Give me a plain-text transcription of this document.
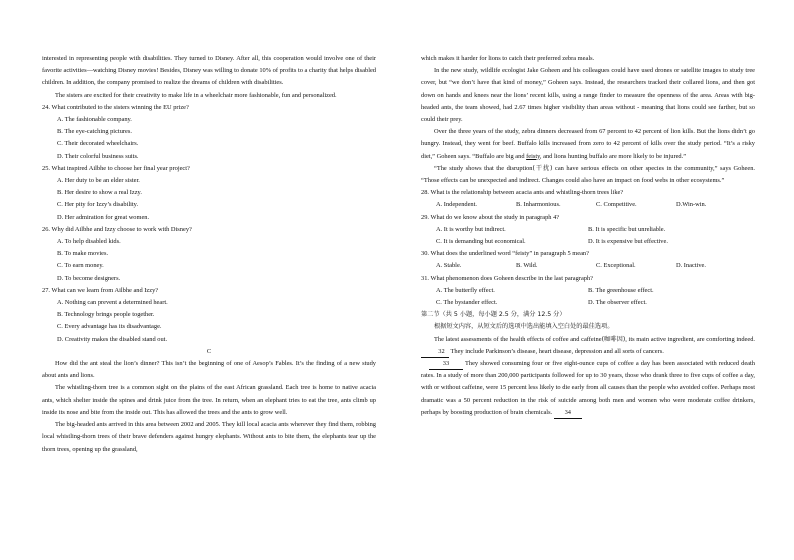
interested in representing people with disabilities. They turned to Disney. After all, this cooperation would involve one of their favorite activities—watching Disney movies! Besides, Disney was willing to donate 10% of profits to a charity that helps disabled children. In addition, the company promised to realize the dreams of children with disabilities.

The sisters are excited for their creativity to make life in a wheelchair more fashionable, fun and personalized.

24. What contributed to the sisters winning the EU prize?
A. The fashionable company.
B. The eye-catching pictures.
C. Their decorated wheelchairs.
D. Their colorful business suits.
25. What inspired Ailbhe to choose her final year project?
A. Her duty to be an elder sister.
B. Her desire to show a real Izzy.
C. Her pity for Izzy’s disability.
D. Her admiration for great women.
26. Why did Ailbhe and Izzy choose to work with Disney?
A. To help disabled kids.
B. To make movies.
C. To earn money.
D. To become designers.
27. What can we learn from Ailbhe and Izzy?
A. Nothing can prevent a determined heart.
B. Technology brings people together.
C. Every advantage has its disadvantage.
D. Creativity makes the disabled stand out.
C

How did the ant steal the lion’s dinner? This isn’t the beginning of one of Aesop’s Fables. It’s the finding of a new study about ants and lions.

The whistling-thorn tree is a common sight on the plains of the east African grassland. Each tree is home to native acacia ants, which shelter inside the spines and drink juice from the tree. In return, when an elephant tries to eat the tree, ants climb up inside its nose and bite from the inside out. This has allowed the trees and the ants to grow well.

The big-headed ants arrived in this area between 2002 and 2005. They kill local acacia ants wherever they find them, robbing local whistling-thorn trees of their brave defenders against hungry elephants. Without ants to bite them, the elephants tear up the thorn trees, opening up the grassland,

which makes it harder for lions to catch their preferred zebra meals.

In the new study, wildlife ecologist Jake Goheen and his colleagues could have used drones or satellite images to study tree cover, but “we don’t have that kind of money,” Goheen says. Instead, the researchers tracked their collared lions, and then got down on hands and knees near the lions’ recent kills, using a range finder to measure the openness of the area. Areas with big-headed ants, the team showed, had 2.67 times higher visibility than areas without - meaning that lions could see farther, but so could their prey.

Over the three years of the study, zebra dinners decreased from 67 percent to 42 percent of lion kills. But the lions didn’t go hungry. Instead, they went for beef. Buffalo kills increased from zero to 42 percent of kills over the study period. “It’s a risky diet,” Goheen says. “Buffalo are big and feisty, and lions hunting buffalo are more likely to be injured.”

“The study shows that the disruption(干扰) can have serious effects on other species in the community,” says Goheen. “Those effects can be unexpected and indirect. Changes could also have an impact on food webs in other ecosystems.”

28. What is the relationship between acacia ants and whistling-thorn trees like?
A. Independent.	B. Inharmonious.	C. Competitive.	D.Win-win.
29. What do we know about the study in paragraph 4?
A. It is worthy but indirect.	B. It is specific but unreliable.
C. It is demanding but economical.	D. It is expensive but effective.
30. What does the underlined word “feisty” in paragraph 5 mean?
A. Stable.	B. Wild.	C. Exceptional.	D. Inactive.
31. What phenomenon does Goheen describe in the last paragraph?
A. The butterfly effect.	B. The greenhouse effect.
C. The bystander effect.	D. The observer effect.
第二节（共 5 小题，每小题 2.5 分，满分 12.5 分）
根据短文内容，从短文后的选项中选出能填入空白处的最佳选项。

The latest assessments of the health effects of coffee and caffeine(咖啡因), its main active ingredient, are comforting indeed. 32 They include Parkinson’s disease, heart disease, depression and all sorts of cancers.

33 They showed consuming four or five eight-ounce cups of coffee a day has been associated with reduced death rates. In a study of more than 200,000 participants followed for up to 30 years, those who drank three to five cups of coffee a day, with or without caffeine, were 15 percent less likely to die early from all causes than the people who avoided coffee. Perhaps most dramatic was a 50 percent reduction in the risk of suicide among both men and women who were moderate coffee drinkers, perhaps by boosting production of brain chemicals. 34
